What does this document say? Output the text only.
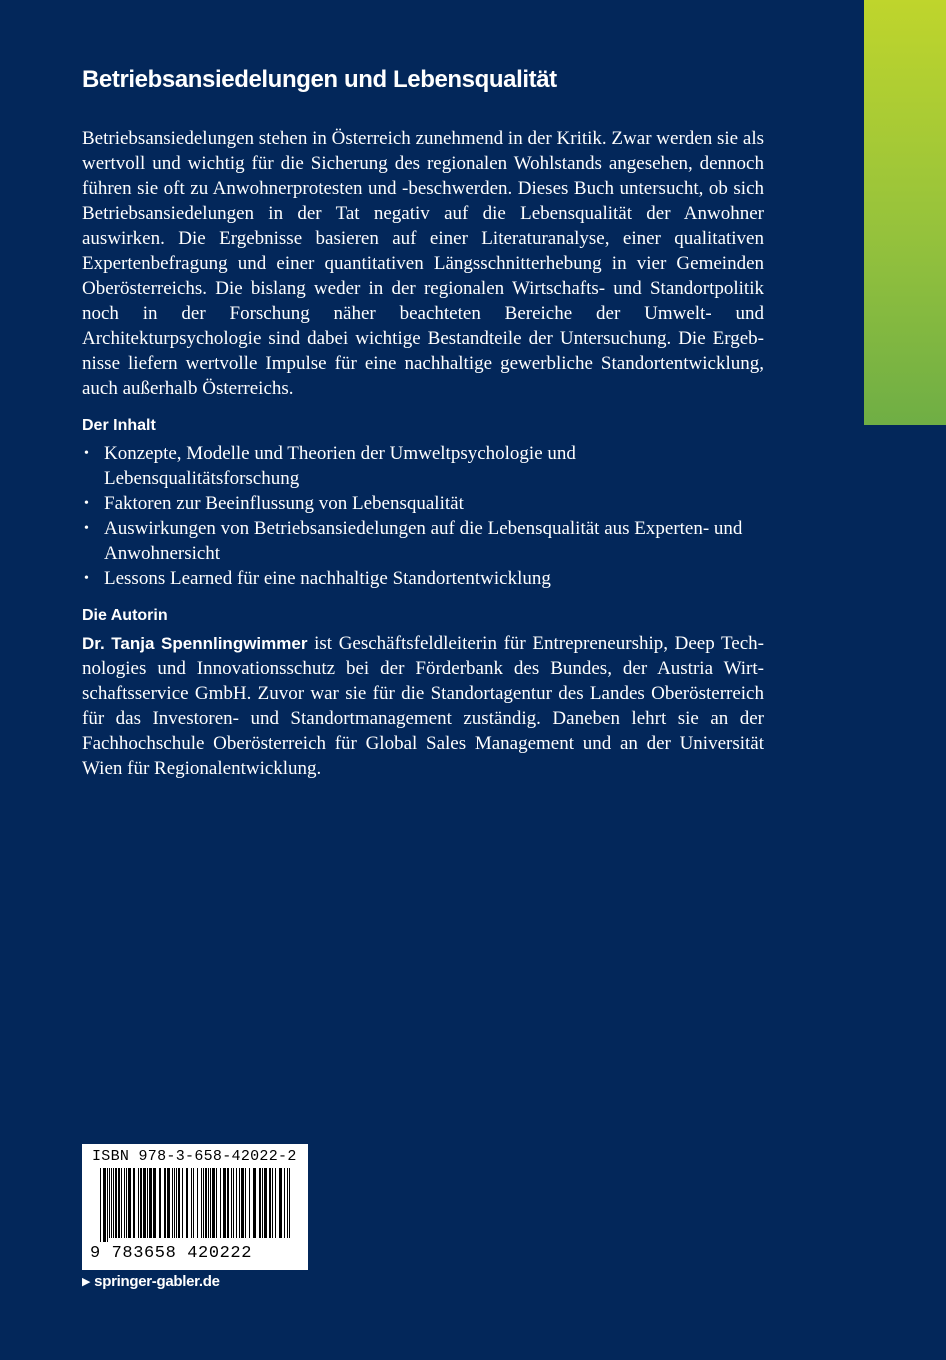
Betriebsansiedelungen und Lebensqualität

Betriebsansiedelungen stehen in Österreich zunehmend in der Kritik. Zwar werden sie als wertvoll und wichtig für die Sicherung des regionalen Wohlstands angesehen, dennoch führen sie oft zu Anwohnerprotesten und -beschwerden. Dieses Buch untersucht, ob sich Betriebsansiedelungen in der Tat negativ auf die Lebensqualität der Anwohner auswirken. Die Ergebnisse basieren auf einer Literaturanalyse, einer qualitativen Expertenbefragung und einer quantitativen Längsschnitterhebung in vier Gemeinden Oberösterreichs. Die bislang weder in der regionalen Wirtschafts- und Standortpolitik noch in der Forschung näher beachteten Bereiche der Umwelt- und Architekturpsychologie sind dabei wichtige Bestandteile der Untersuchung. Die Ergebnisse liefern wertvolle Impulse für eine nachhaltige gewerbliche Standortentwicklung, auch außerhalb Österreichs.

Der Inhalt
• Konzepte, Modelle und Theorien der Umweltpsychologie und Lebensqualitätsforschung
• Faktoren zur Beeinflussung von Lebensqualität
• Auswirkungen von Betriebsansiedelungen auf die Lebensqualität aus Experten- und Anwohnersicht
• Lessons Learned für eine nachhaltige Standortentwicklung
Die Autorin

Dr. Tanja Spennlingwimmer ist Geschäftsfeldleiterin für Entrepreneurship, Deep Technologies und Innovationsschutz bei der Förderbank des Bundes, der Austria Wirtschaftsservice GmbH. Zuvor war sie für die Standortagentur des Landes Oberösterreich für das Investoren- und Standortmanagement zuständig. Daneben lehrt sie an der Fachhochschule Oberösterreich für Global Sales Management und an der Universität Wien für Regionalentwicklung.

ISBN 978-3-658-42022-2
9 783658 420222
▶ springer-gabler.de
